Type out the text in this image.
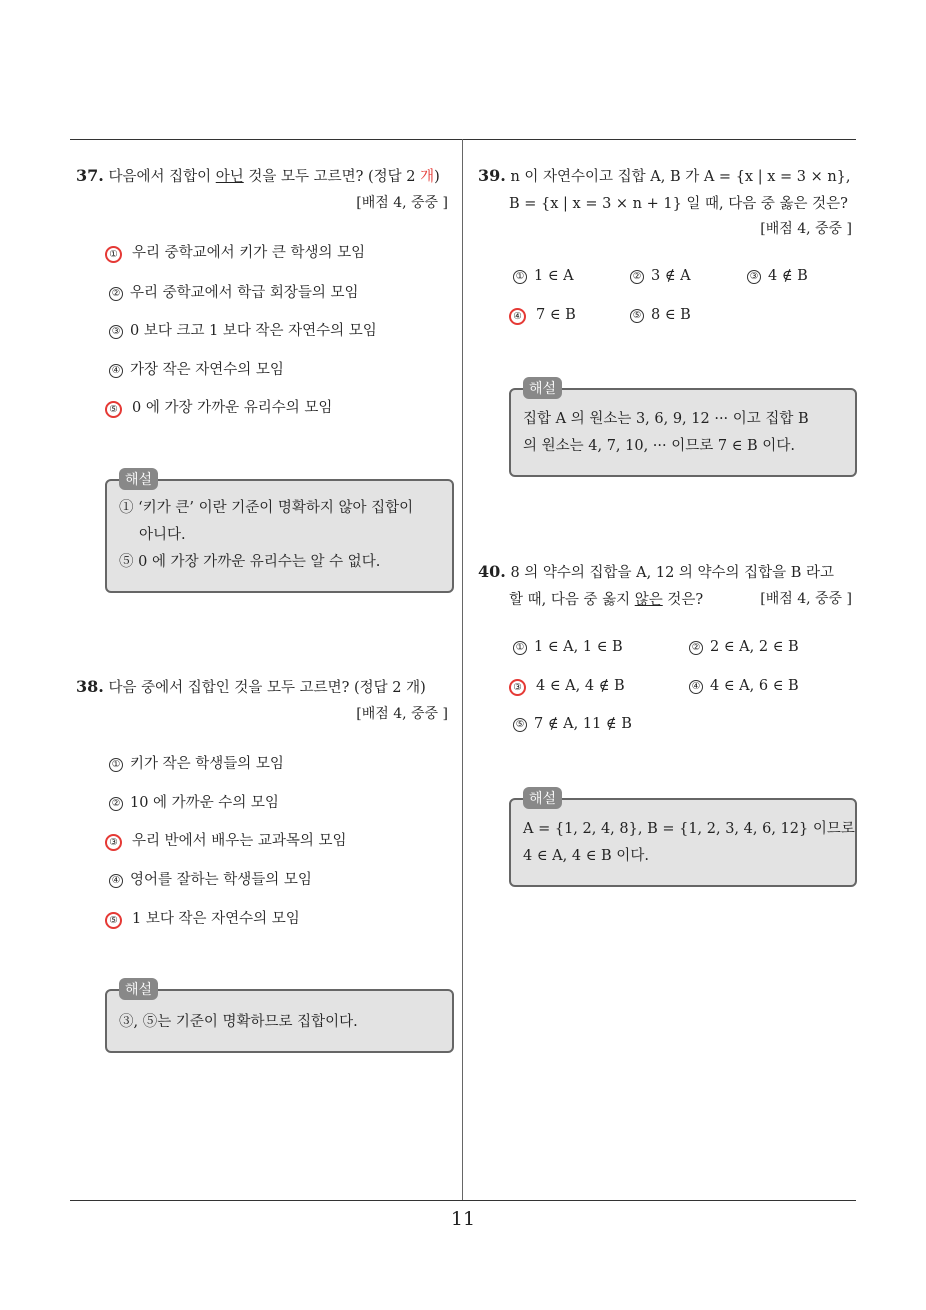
11
37. 다음에서 집합이 아닌 것을 모두 고르면? (정답 2 개)
[배점 4, 중중 ]
① 우리 중학교에서 키가 큰 학생의 모임
② 우리 중학교에서 학급 회장들의 모임
③ 0 보다 크고 1 보다 작은 자연수의 모임
④ 가장 작은 자연수의 모임
⑤ 0 에 가장 가까운 유리수의 모임
해설
① ‘키가 큰’ 이란 기준이 명확하지 않아 집합이
아니다.
⑤ 0 에 가장 가까운 유리수는 알 수 없다.
38. 다음 중에서 집합인 것을 모두 고르면? (정답 2 개)
[배점 4, 중중 ]
① 키가 작은 학생들의 모임
② 10 에 가까운 수의 모임
③ 우리 반에서 배우는 교과목의 모임
④ 영어를 잘하는 학생들의 모임
⑤ 1 보다 작은 자연수의 모임
해설
③, ⑤는 기준이 명확하므로 집합이다.
39. n 이 자연수이고 집합 A, B 가 A = {x | x = 3 × n},
B = {x | x = 3 × n + 1} 일 때, 다음 중 옳은 것은?
[배점 4, 중중 ]
① 1 ∈ A	② 3 ∉ A	③ 4 ∉ B
④ 7 ∈ B	⑤ 8 ∈ B
해설
집합 A 의 원소는 3, 6, 9, 12 ··· 이고 집합 B
의 원소는 4, 7, 10, ··· 이므로 7 ∈ B 이다.
40. 8 의 약수의 집합을 A, 12 의 약수의 집합을 B 라고
할 때, 다음 중 옳지 않은 것은?	[배점 4, 중중 ]
① 1 ∈ A, 1 ∈ B	② 2 ∈ A, 2 ∈ B
③ 4 ∈ A, 4 ∉ B	④ 4 ∈ A, 6 ∈ B
⑤ 7 ∉ A, 11 ∉ B
해설
A = {1, 2, 4, 8}, B = {1, 2, 3, 4, 6, 12} 이므로
4 ∈ A, 4 ∈ B 이다.
